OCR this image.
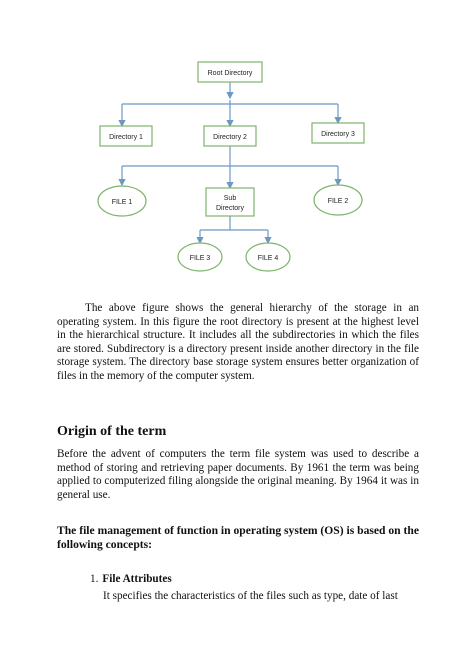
Root Directory
Directory 1	Directory 2	Directory 3
FILE 1
Sub
Directory
FILE 2
FILE 3	FILE 4

The above figure shows the general hierarchy of the storage in an operating system. In this figure the root directory is present at the highest level in the hierarchical structure. It includes all the subdirectories in which the files are stored. Subdirectory is a directory present inside another directory in the file storage system. The directory base storage system ensures better organization of files in the memory of the computer system.

Origin of the term

Before the advent of computers the term file system was used to describe a method of storing and retrieving paper documents. By 1961 the term was being applied to computerized filing alongside the original meaning. By 1964 it was in general use.

The file management of function in operating system (OS) is based on the following concepts:

1. File Attributes

It specifies the characteristics of the files such as type, date of last
